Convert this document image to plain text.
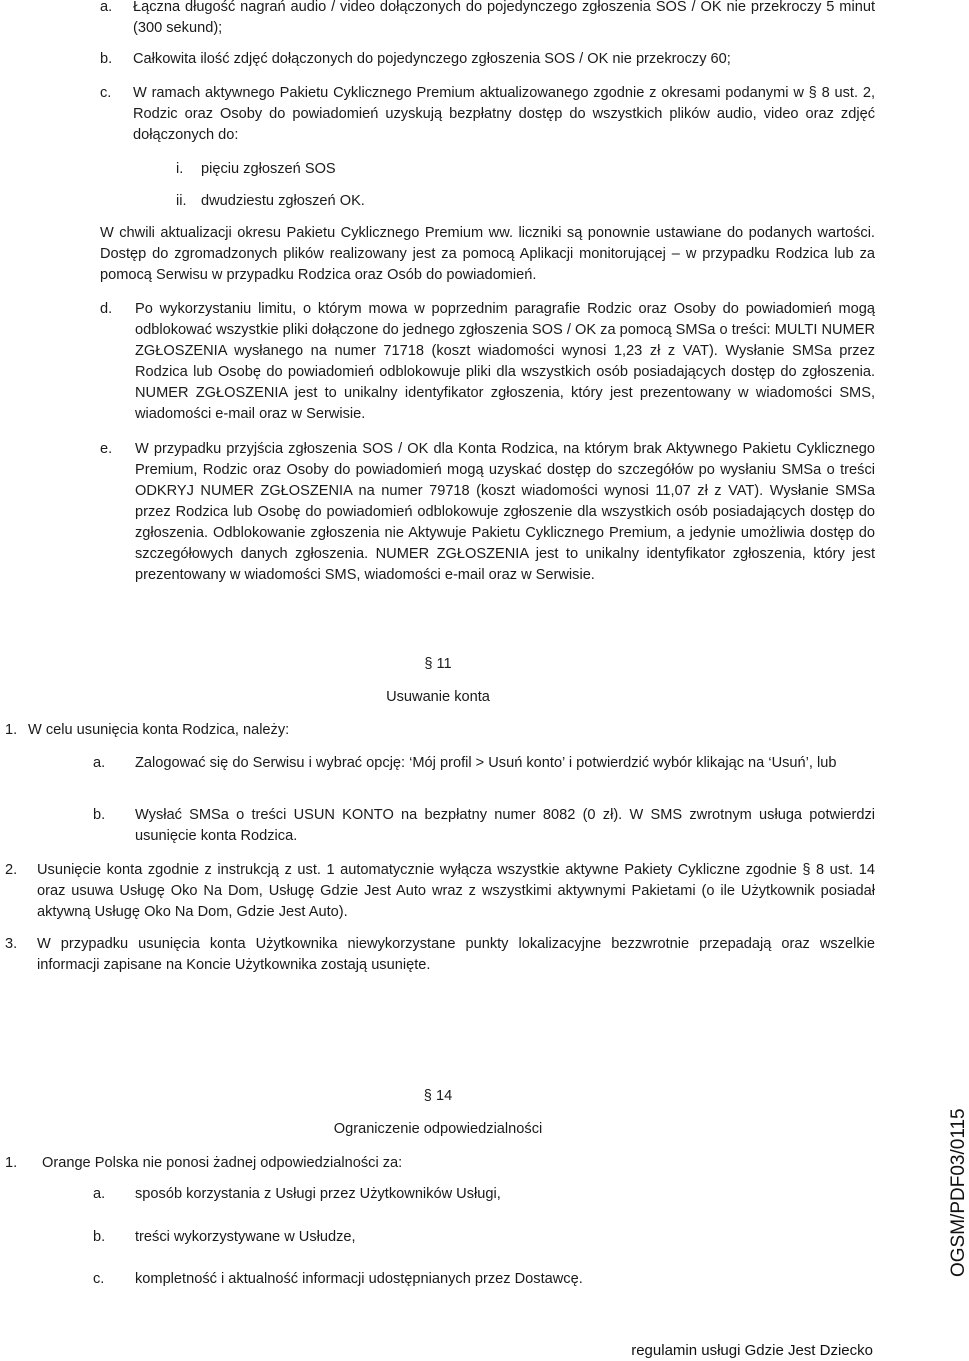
a. Łączna długość nagrań audio / video dołączonych do pojedynczego zgłoszenia SOS / OK nie przekroczy 5 minut (300 sekund);
b. Całkowita ilość zdjęć dołączonych do pojedynczego zgłoszenia SOS / OK nie przekroczy 60;
c. W ramach aktywnego Pakietu Cyklicznego Premium aktualizowanego zgodnie z okresami podanymi w § 8 ust. 2, Rodzic oraz Osoby do powiadomień uzyskują bezpłatny dostęp do wszystkich plików audio, video oraz zdjęć dołączonych do:
i. pięciu zgłoszeń SOS
ii. dwudziestu zgłoszeń OK.
W chwili aktualizacji okresu Pakietu Cyklicznego Premium ww. liczniki są ponownie ustawiane do podanych wartości. Dostęp do zgromadzonych plików realizowany jest za pomocą Aplikacji monitorującej – w przypadku Rodzica lub za pomocą Serwisu w przypadku Rodzica oraz Osób do powiadomień.
d. Po wykorzystaniu limitu, o którym mowa w poprzednim paragrafie Rodzic oraz Osoby do powiadomień mogą odblokować wszystkie pliki dołączone do jednego zgłoszenia SOS / OK za pomocą SMSa o treści: MULTI NUMER ZGŁOSZENIA wysłanego na numer 71718 (koszt wiadomości wynosi 1,23 zł z VAT). Wysłanie SMSa przez Rodzica lub Osobę do powiadomień odblokowuje pliki dla wszystkich osób posiadających dostęp do zgłoszenia. NUMER ZGŁOSZENIA jest to unikalny identyfikator zgłoszenia, który jest prezentowany w wiadomości SMS, wiadomości e-mail oraz w Serwisie.
e. W przypadku przyjścia zgłoszenia SOS / OK dla Konta Rodzica, na którym brak Aktywnego Pakietu Cyklicznego Premium, Rodzic oraz Osoby do powiadomień mogą uzyskać dostęp do szczegółów po wysłaniu SMSa o treści ODKRYJ NUMER ZGŁOSZENIA na numer 79718 (koszt wiadomości wynosi 11,07 zł z VAT). Wysłanie SMSa przez Rodzica lub Osobę do powiadomień odblokowuje zgłoszenie dla wszystkich osób posiadających dostęp do zgłoszenia. Odblokowanie zgłoszenia nie Aktywuje Pakietu Cyklicznego Premium, a jedynie umożliwia dostęp do szczegółowych danych zgłoszenia. NUMER ZGŁOSZENIA jest to unikalny identyfikator zgłoszenia, który jest prezentowany w wiadomości SMS, wiadomości e-mail oraz w Serwisie.
§ 11
Usuwanie konta
1. W celu usunięcia konta Rodzica, należy:
a. Zalogować się do Serwisu i wybrać opcję: ‘Mój profil > Usuń konto’ i potwierdzić wybór klikając na ‘Usuń’, lub
b. Wysłać SMSa o treści USUN KONTO na bezpłatny numer 8082 (0 zł). W SMS zwrotnym usługa potwierdzi usunięcie konta Rodzica.
2. Usunięcie konta zgodnie z instrukcją z ust. 1 automatycznie wyłącza wszystkie aktywne Pakiety Cykliczne zgodnie § 8 ust. 14 oraz usuwa Usługę Oko Na Dom, Usługę Gdzie Jest Auto wraz z wszystkimi aktywnymi Pakietami (o ile Użytkownik posiadał aktywną Usługę Oko Na Dom, Gdzie Jest Auto).
3. W przypadku usunięcia konta Użytkownika niewykorzystane punkty lokalizacyjne bezzwrotnie przepadają oraz wszelkie informacji zapisane na Koncie Użytkownika zostają usunięte.
§ 14
Ograniczenie odpowiedzialności
1. Orange Polska nie ponosi żadnej odpowiedzialności za:
a. sposób korzystania z Usługi przez Użytkowników Usługi,
b. treści wykorzystywane w Usłudze,
c. kompletność i aktualność informacji udostępnianych przez Dostawcę.
OGSM/PDF03/0115
regulamin usługi Gdzie Jest Dziecko
